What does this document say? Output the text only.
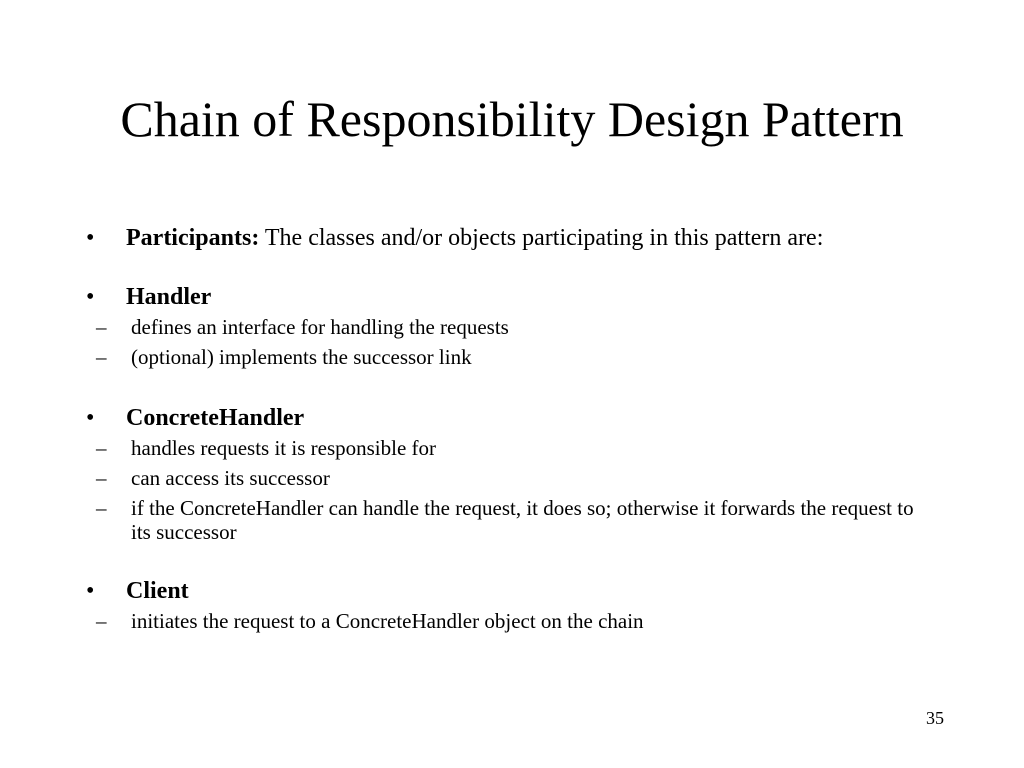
Chain of Responsibility Design Pattern
•	Participants: The classes and/or objects participating in this pattern are:
•	Handler
– defines an interface for handling the requests
– (optional) implements the successor link
•	ConcreteHandler
– handles requests it is responsible for
– can access its successor
– if the ConcreteHandler can handle the request, it does so; otherwise it forwards the request to its successor
•	Client
– initiates the request to a ConcreteHandler object on the chain
35
